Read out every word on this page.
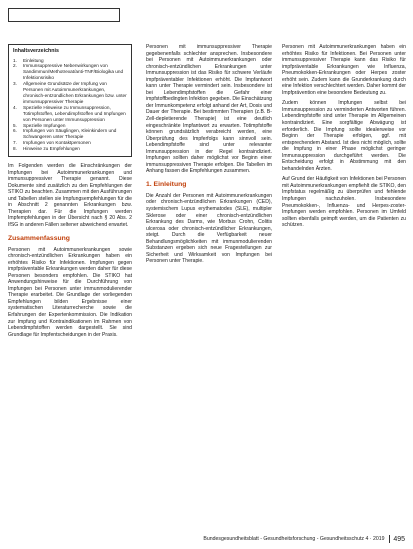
Inhaltsverzeichnis
1.	Einleitung
2.	Immunsuppressive Nebenwirkungen von Sandimmun/Methotrexat/anti-TNF/Biologika und Infektionsrisiko
3.	Allgemeine Grundsätze der Impfung von Personen mit Autoimmunerkrankungen, chronisch-entzündlichen Erkrankungen bzw. unter immunsuppressiver Therapie
4.	Spezielle Hinweise zu Immunsuppression, Totimpfstoffen, Lebendimpfstoffen und Impfungen von Personen unter Immunsuppression
5.	Spezielle Impfungen
6.	Impfungen von Säuglingen, Kleinkindern und Schwangeren unter Therapie
7.	Impfungen von Kontaktpersonen
8.	Hinweise zu Empfehlungen

Im Folgenden werden die Einschränkungen der Impfungen bei Autoimmunerkrankungen und immunsuppressiver Therapie genannt. Diese Dokumente sind zusätzlich zu den Empfehlungen der STIKO zu beachten. Zusammen mit den Ausführungen und Tabellen stellen sie Impfungsempfehlungen für die in Abschnitt 2 genannten Erkrankungen bzw. Therapien dar. Für die Impfungen werden Impfempfehlungen in der Übersicht nach § 20 Abs. 2 IfSG in anderen Fällen seltener abweichend erwartet.

Zusammenfassung

Personen mit Autoimmunerkrankungen sowie chronisch-entzündlichen Erkrankungen haben ein erhöhtes Risiko für Infektionen. Impfungen gegen impfpräventable Erkrankungen werden daher für diese Personen besonders empfohlen. Die STIKO hat Anwendungshinweise für die Durchführung von Impfungen bei Personen unter immunmodulierender Therapie erarbeitet. Die Grundlage der vorliegenden Empfehlungen bilden Ergebnisse einer systematischen Literaturrecherche sowie die Erfahrungen der Expertenkommission. Die Indikation zur Impfung und Kontraindikationen im Rahmen von Lebendimpfstoffen werden dargestellt. Sie sind Grundlage für Impfentscheidungen in der Praxis.

Personen mit immunsuppressiver Therapie gegebenenfalls schlechter ansprechen. Insbesondere bei Personen mit Autoimmunerkrankungen oder chronisch-entzündlichen Erkrankungen unter Immunsuppression ist das Risiko für schwere Verläufe impfpräventabler Infektionen erhöht. Die Impfantwort kann unter Therapie vermindert sein. Insbesondere ist bei Lebendimpfstoffen die Gefahr einer impfstoffbedingten Infektion gegeben. Die Einschätzung der Immunkompetenz erfolgt anhand der Art, Dosis und Dauer der Therapie. Bei bestimmten Therapien (z.B. B-Zell-depletierende Therapie) ist eine deutlich eingeschränkte Impfantwort zu erwarten. Totimpfstoffe können grundsätzlich verabreicht werden, eine Überprüfung des Impferfolgs kann sinnvoll sein. Lebendimpfstoffe sind unter relevanter Immunsuppression in der Regel kontraindiziert. Impfungen sollten daher möglichst vor Beginn einer immunsuppressiven Therapie erfolgen. Die Tabellen im Anhang fassen die Empfehlungen zusammen.

1. Einleitung

Die Anzahl der Personen mit Autoimmunerkrankungen oder chronisch-entzündlichen Erkrankungen (CED), systemischem Lupus erythematodes (SLE), multipler Sklerose oder einer chronisch-entzündlichen Erkrankung des Darms, wie Morbus Crohn, Colitis ulcerosa oder chronisch-entzündlicher Erkrankungen, steigt. Durch die Verfügbarkeit neuer Behandlungsmöglichkeiten mit immunmodulierenden Substanzen ergeben sich neue Fragestellungen zur Sicherheit und Wirksamkeit von Impfungen bei Personen unter Therapie.

Personen mit Autoimmunerkrankungen haben ein erhöhtes Risiko für Infektionen. Bei Personen unter immunsuppressiver Therapie kann das Risiko für impfpräventable Erkrankungen wie Influenza, Pneumokokken-Erkrankungen oder Herpes zoster erhöht sein. Zudem kann die Grunderkrankung durch eine Infektion verschlechtert werden. Daher kommt der Impfprävention eine besondere Bedeutung zu.

Zudem können Impfungen selbst bei Immunsuppression zu verminderten Antworten führen. Lebendimpfstoffe sind unter Therapie im Allgemeinen kontraindiziert. Eine sorgfältige Abwägung ist erforderlich. Die Impfung sollte idealerweise vor Beginn der Therapie erfolgen, ggf. mit entsprechendem Abstand. Ist dies nicht möglich, sollte die Impfung in einer Phase möglichst geringer Immunsuppression durchgeführt werden. Die Entscheidung erfolgt in Abstimmung mit den behandelnden Ärzten.

Auf Grund der Häufigkeit von Infektionen bei Personen mit Autoimmunerkrankungen empfiehlt die STIKO, den Impfstatus regelmäßig zu überprüfen und fehlende Impfungen nachzuholen. Insbesondere Pneumokokken-, Influenza- und Herpes-zoster-Impfungen werden empfohlen. Personen im Umfeld sollten ebenfalls geimpft werden, um die Patienten zu schützen.

Bundesgesundheitsblatt - Gesundheitsforschung - Gesundheitsschutz 4 · 2019 495
